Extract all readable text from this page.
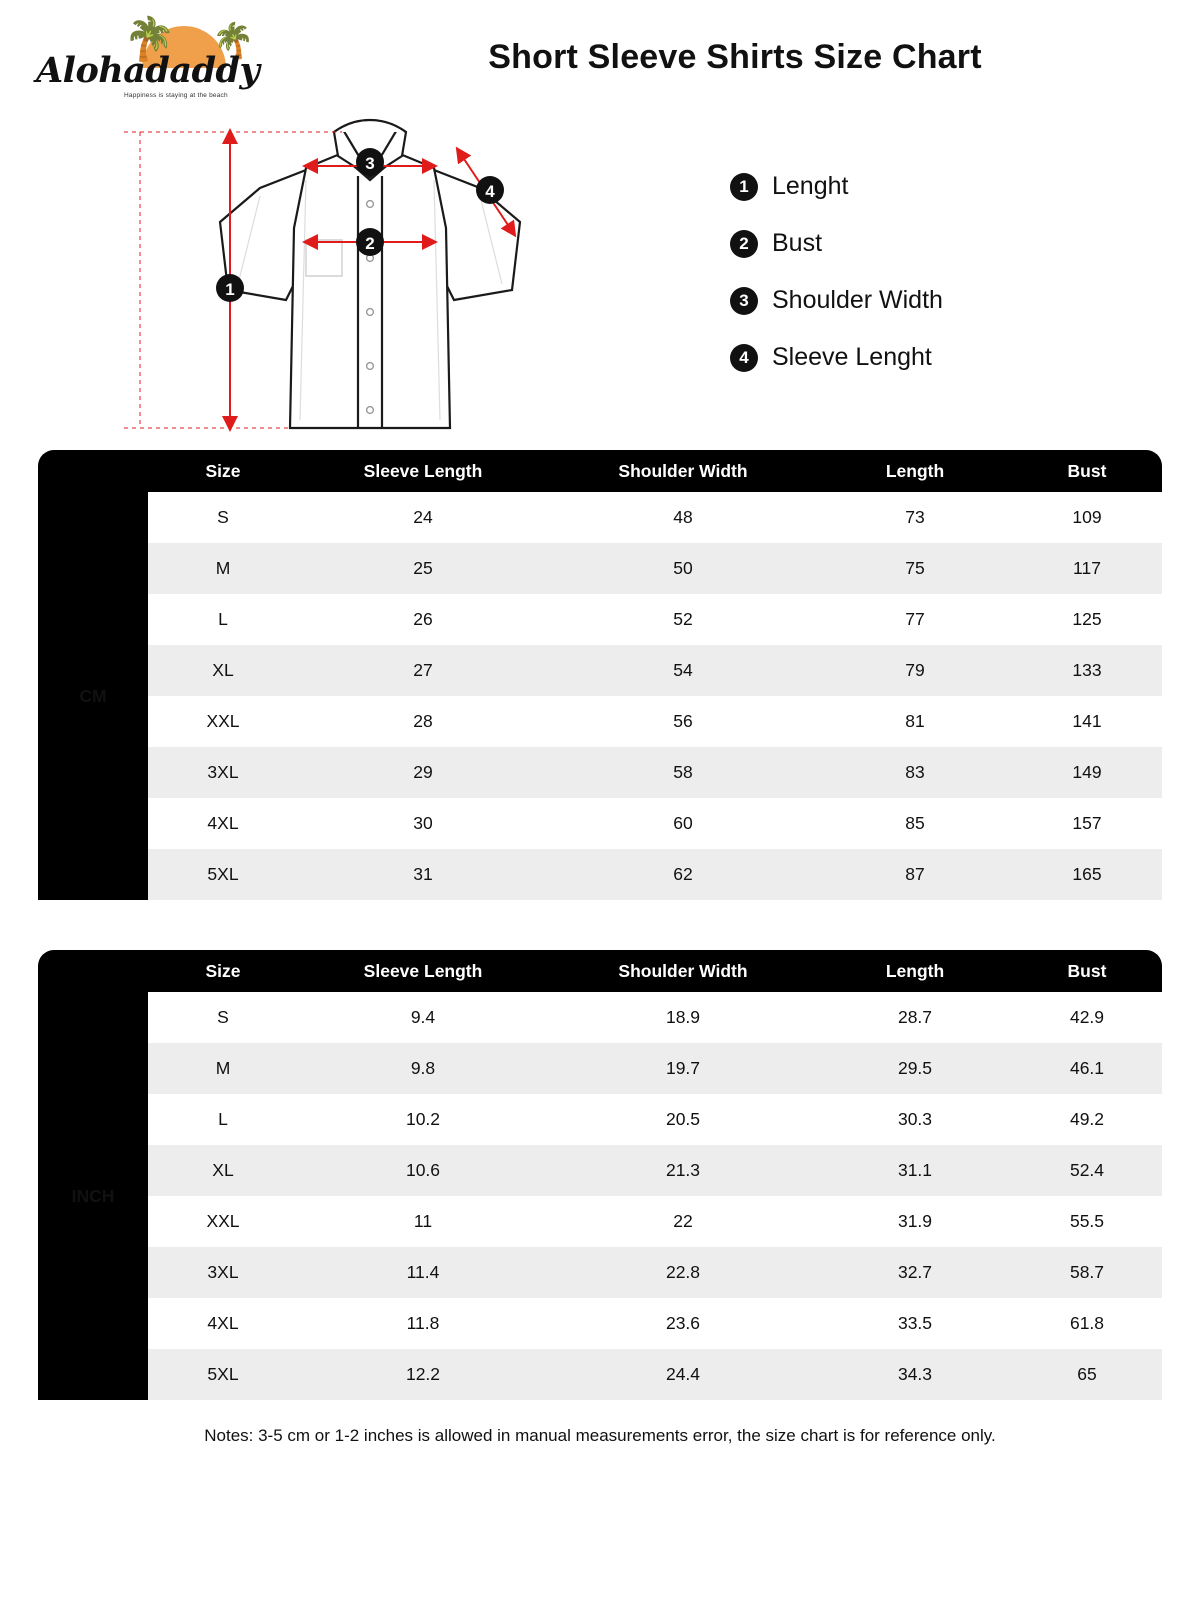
🌴 🌴
Alohadaddy
Happiness is staying at the beach
Short Sleeve Shirts Size Chart
1
2
3
4	1 Lenght
2 Bust
3 Shoulder Width
4 Sleeve Lenght
	Size	Sleeve Length	Shoulder Width	Length	Bust
CM	S	24	48	73	109
	M	25	50	75	117
	L	26	52	77	125
	XL	27	54	79	133
	XXL	28	56	81	141
	3XL	29	58	83	149
	4XL	30	60	85	157
	5XL	31	62	87	165
	Size	Sleeve Length	Shoulder Width	Length	Bust
INCH	S	9.4	18.9	28.7	42.9
	M	9.8	19.7	29.5	46.1
	L	10.2	20.5	30.3	49.2
	XL	10.6	21.3	31.1	52.4
	XXL	11	22	31.9	55.5
	3XL	11.4	22.8	32.7	58.7
	4XL	11.8	23.6	33.5	61.8
	5XL	12.2	24.4	34.3	65
Notes: 3-5 cm or 1-2 inches is allowed in manual measurements error, the size chart is for reference only.
